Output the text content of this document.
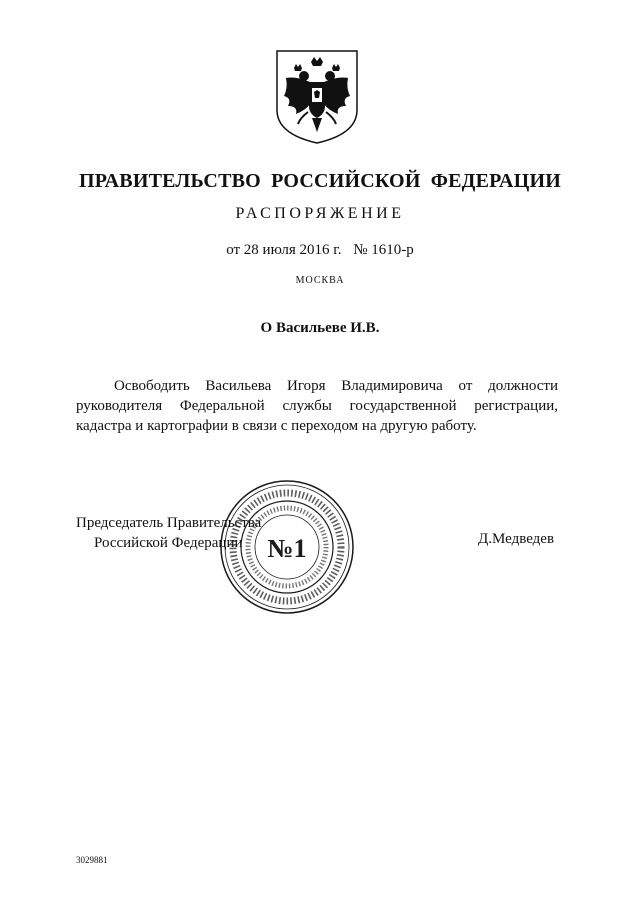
ПРАВИТЕЛЬСТВО РОССИЙСКОЙ ФЕДЕРАЦИИ
РАСПОРЯЖЕНИЕ
от 28 июля 2016 г. № 1610-р
МОСКВА
О Васильеве И.В.
Освободить Васильева Игоря Владимировича от должности руководителя Федеральной службы государственной регистрации, кадастра и картографии в связи с переходом на другую работу.
Председатель Правительства
Российской Федерации	Д.Медведев
№1
3029881
